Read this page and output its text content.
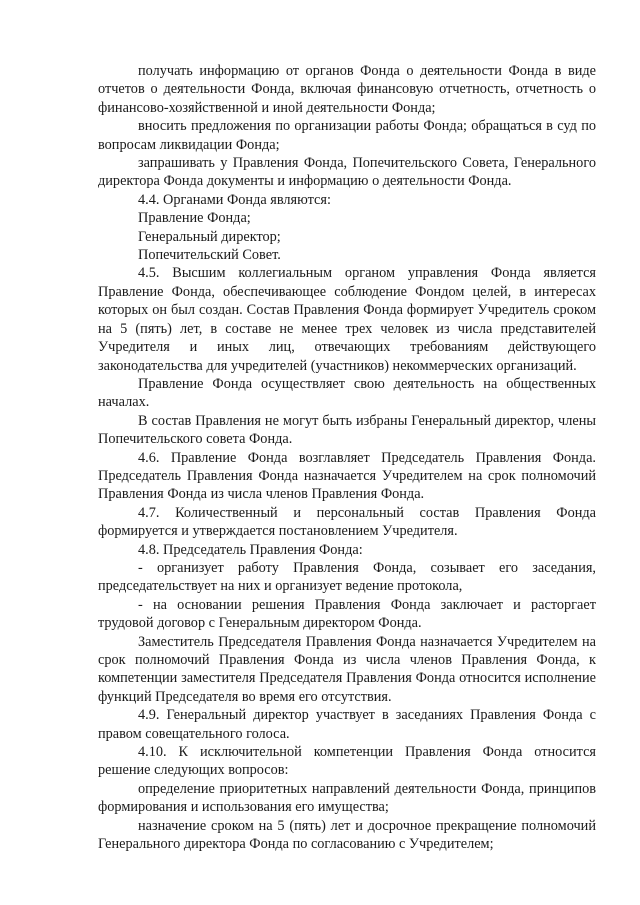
получать информацию от органов Фонда о деятельности Фонда в виде отчетов о деятельности Фонда, включая финансовую отчетность, отчетность о финансово-хозяйственной и иной деятельности Фонда;

вносить предложения по организации работы Фонда; обращаться в суд по вопросам ликвидации Фонда;

запрашивать у Правления Фонда, Попечительского Совета, Генерального директора Фонда документы и информацию о деятельности Фонда.

4.4. Органами Фонда являются:

Правление Фонда;

Генеральный директор;

Попечительский Совет.

4.5. Высшим коллегиальным органом управления Фонда является Правление Фонда, обеспечивающее соблюдение Фондом целей, в интересах которых он был создан. Состав Правления Фонда формирует Учредитель сроком на 5 (пять) лет, в составе не менее трех человек из числа представителей Учредителя и иных лиц, отвечающих требованиям действующего законодательства для учредителей (участников) некоммерческих организаций.

Правление Фонда осуществляет свою деятельность на общественных началах.

В состав Правления не могут быть избраны Генеральный директор, члены Попечительского совета Фонда.

4.6. Правление Фонда возглавляет Председатель Правления Фонда. Председатель Правления Фонда назначается Учредителем на срок полномочий Правления Фонда из числа членов Правления Фонда.

4.7. Количественный и персональный состав Правления Фонда формируется и утверждается постановлением Учредителя.

4.8. Председатель Правления Фонда:

- организует работу Правления Фонда, созывает его заседания, председательствует на них и организует ведение протокола,

- на основании решения Правления Фонда заключает и расторгает трудовой договор с Генеральным директором Фонда.

Заместитель Председателя Правления Фонда назначается Учредителем на срок полномочий Правления Фонда из числа членов Правления Фонда, к компетенции заместителя Председателя Правления Фонда относится исполнение функций Председателя во время его отсутствия.

4.9. Генеральный директор участвует в заседаниях Правления Фонда с правом совещательного голоса.

4.10. К исключительной компетенции Правления Фонда относится решение следующих вопросов:

определение приоритетных направлений деятельности Фонда, принципов формирования и использования его имущества;

назначение сроком на 5 (пять) лет и досрочное прекращение полномочий Генерального директора Фонда по согласованию с Учредителем;
